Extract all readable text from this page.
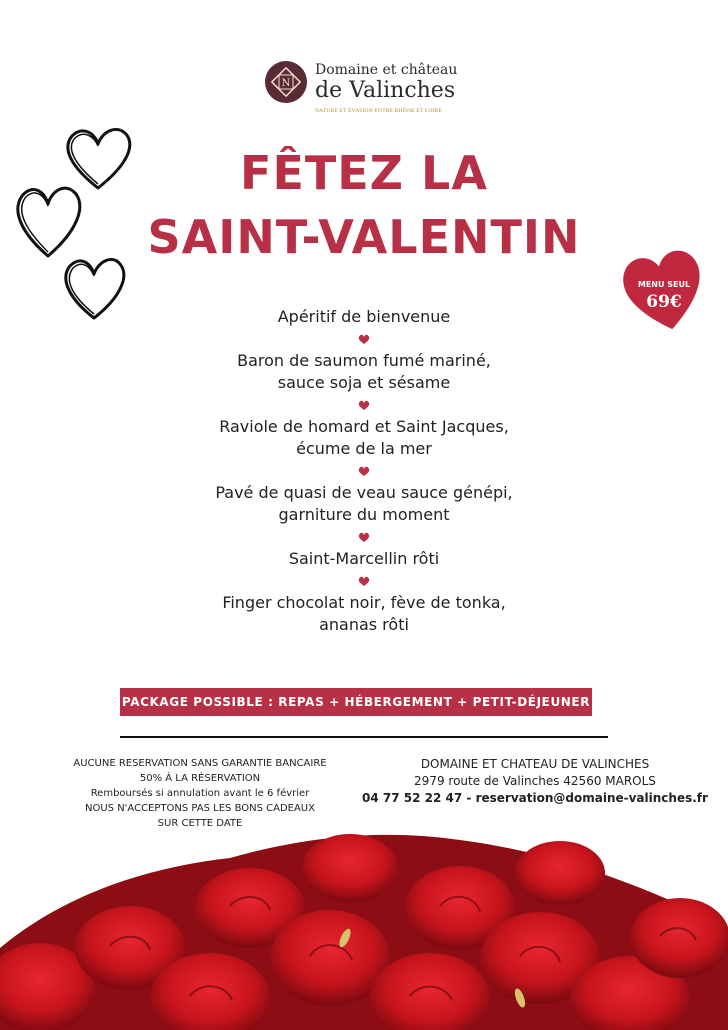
N
Domaine et château
de Valinches
NATURE ET ÉVASION ENTRE RHÔNE ET LOIRE
FÊTEZ LA
SAINT-VALENTIN
MENU SEUL
69€
Apéritif de bienvenue
Baron de saumon fumé mariné,
sauce soja et sésame
Raviole de homard et Saint Jacques,
écume de la mer
Pavé de quasi de veau sauce génépi,
garniture du moment
Saint-Marcellin rôti
Finger chocolat noir, fève de tonka,
ananas rôti
PACKAGE POSSIBLE : REPAS + HÉBERGEMENT + PETIT-DÉJEUNER
AUCUNE RESERVATION SANS GARANTIE BANCAIRE
50% À LA RÉSERVATION
Remboursés si annulation avant le 6 février
NOUS N'ACCEPTONS PAS LES BONS CADEAUX
SUR CETTE DATE
DOMAINE ET CHATEAU DE VALINCHES
2979 route de Valinches 42560 MAROLS
04 77 52 22 47 - reservation@domaine-valinches.fr
